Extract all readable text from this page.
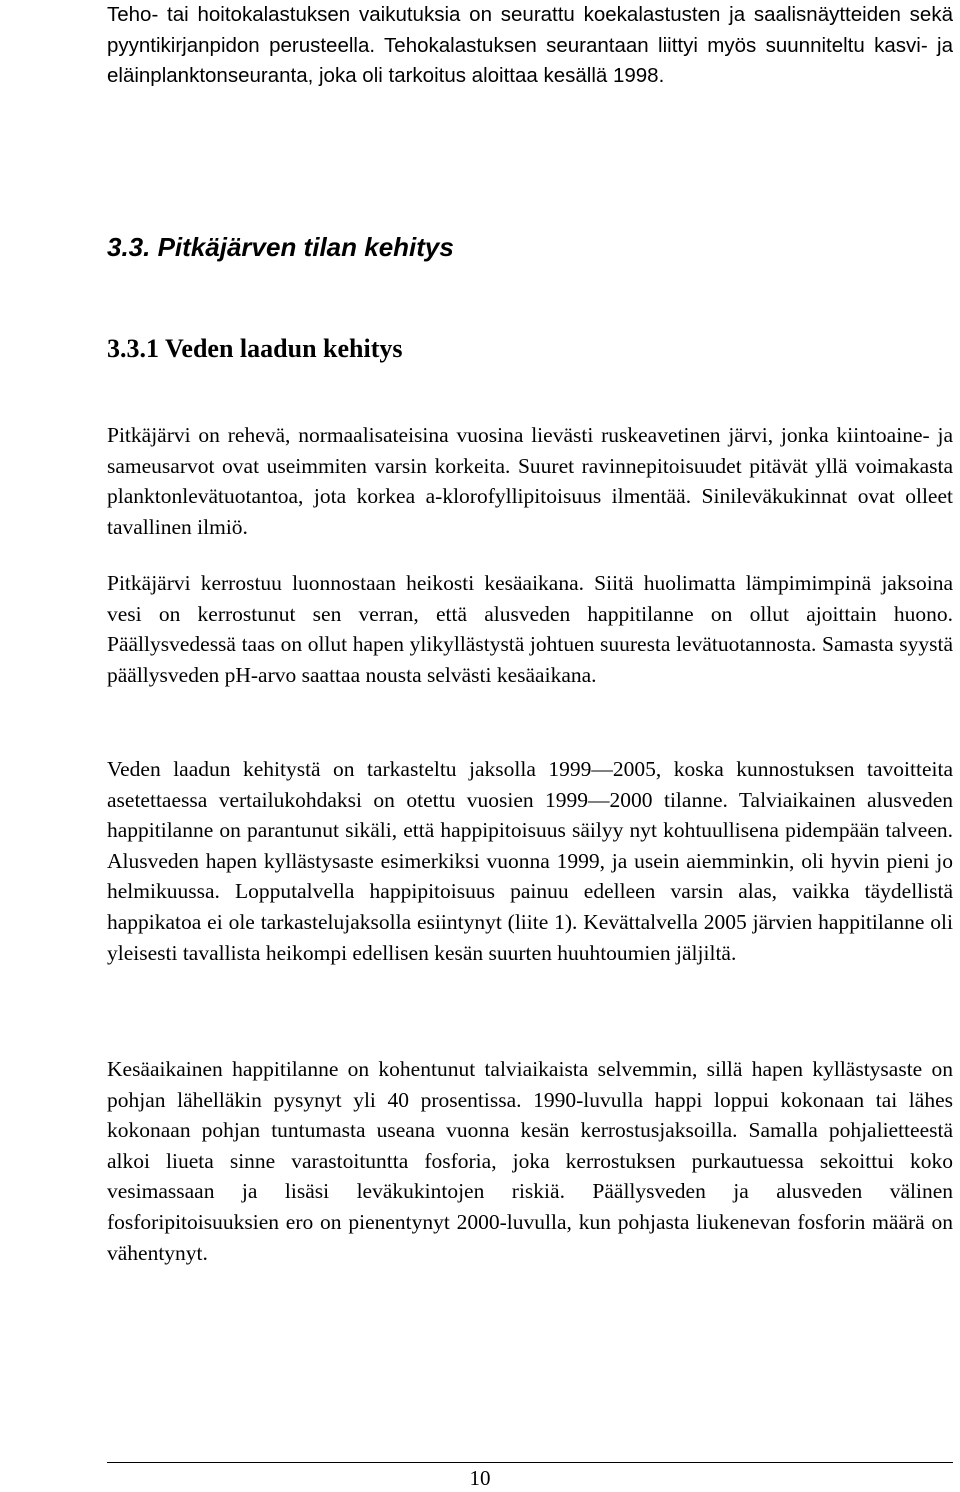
Teho- tai hoitokalastuksen vaikutuksia on seurattu koekalastusten ja saalisnäytteiden sekä pyyntikirjanpidon perusteella. Tehokalastuksen seurantaan liittyi myös suunniteltu kasvi- ja eläinplanktonseuranta, joka oli tarkoitus aloittaa kesällä 1998.

3.3. Pitkäjärven tilan kehitys
3.3.1 Veden laadun kehitys

Pitkäjärvi on rehevä, normaalisateisina vuosina lievästi ruskeavetinen järvi, jonka kiintoaine- ja sameusarvot ovat useimmiten varsin korkeita. Suuret ravinnepitoisuudet pitävät yllä voimakasta planktonlevätuotantoa, jota korkea a-klorofyllipitoisuus ilmentää. Sinileväkukinnat ovat olleet tavallinen ilmiö.

Pitkäjärvi kerrostuu luonnostaan heikosti kesäaikana. Siitä huolimatta lämpimimpinä jaksoina vesi on kerrostunut sen verran, että alusveden happitilanne on ollut ajoittain huono. Päällysvedessä taas on ollut hapen ylikyllästystä johtuen suuresta levätuotannosta. Samasta syystä päällysveden pH-arvo saattaa nousta selvästi kesäaikana.

Veden laadun kehitystä on tarkasteltu jaksolla 1999—2005, koska kunnostuksen tavoitteita asetettaessa vertailukohdaksi on otettu vuosien 1999—2000 tilanne. Talviaikainen alusveden happitilanne on parantunut sikäli, että happipitoisuus säilyy nyt kohtuullisena pidempään talveen. Alusveden hapen kyllästysaste esimerkiksi vuonna 1999, ja usein aiemminkin, oli hyvin pieni jo helmikuussa. Lopputalvella happipitoisuus painuu edelleen varsin alas, vaikka täydellistä happikatoa ei ole tarkastelujaksolla esiintynyt (liite 1). Kevättalvella 2005 järvien happitilanne oli yleisesti tavallista heikompi edellisen kesän suurten huuhtoumien jäljiltä.

Kesäaikainen happitilanne on kohentunut talviaikaista selvemmin, sillä hapen kyllästysaste on pohjan lähelläkin pysynyt yli 40 prosentissa. 1990-luvulla happi loppui kokonaan tai lähes kokonaan pohjan tuntumasta useana vuonna kesän kerrostusjaksoilla. Samalla pohjalietteestä alkoi liueta sinne varastoituntta fosforia, joka kerrostuksen purkautuessa sekoittui koko vesimassaan ja lisäsi leväkukintojen riskiä. Päällysveden ja alusveden välinen fosforipitoisuuksien ero on pienentynyt 2000-luvulla, kun pohjasta liukenevan fosforin määrä on vähentynyt.

10
